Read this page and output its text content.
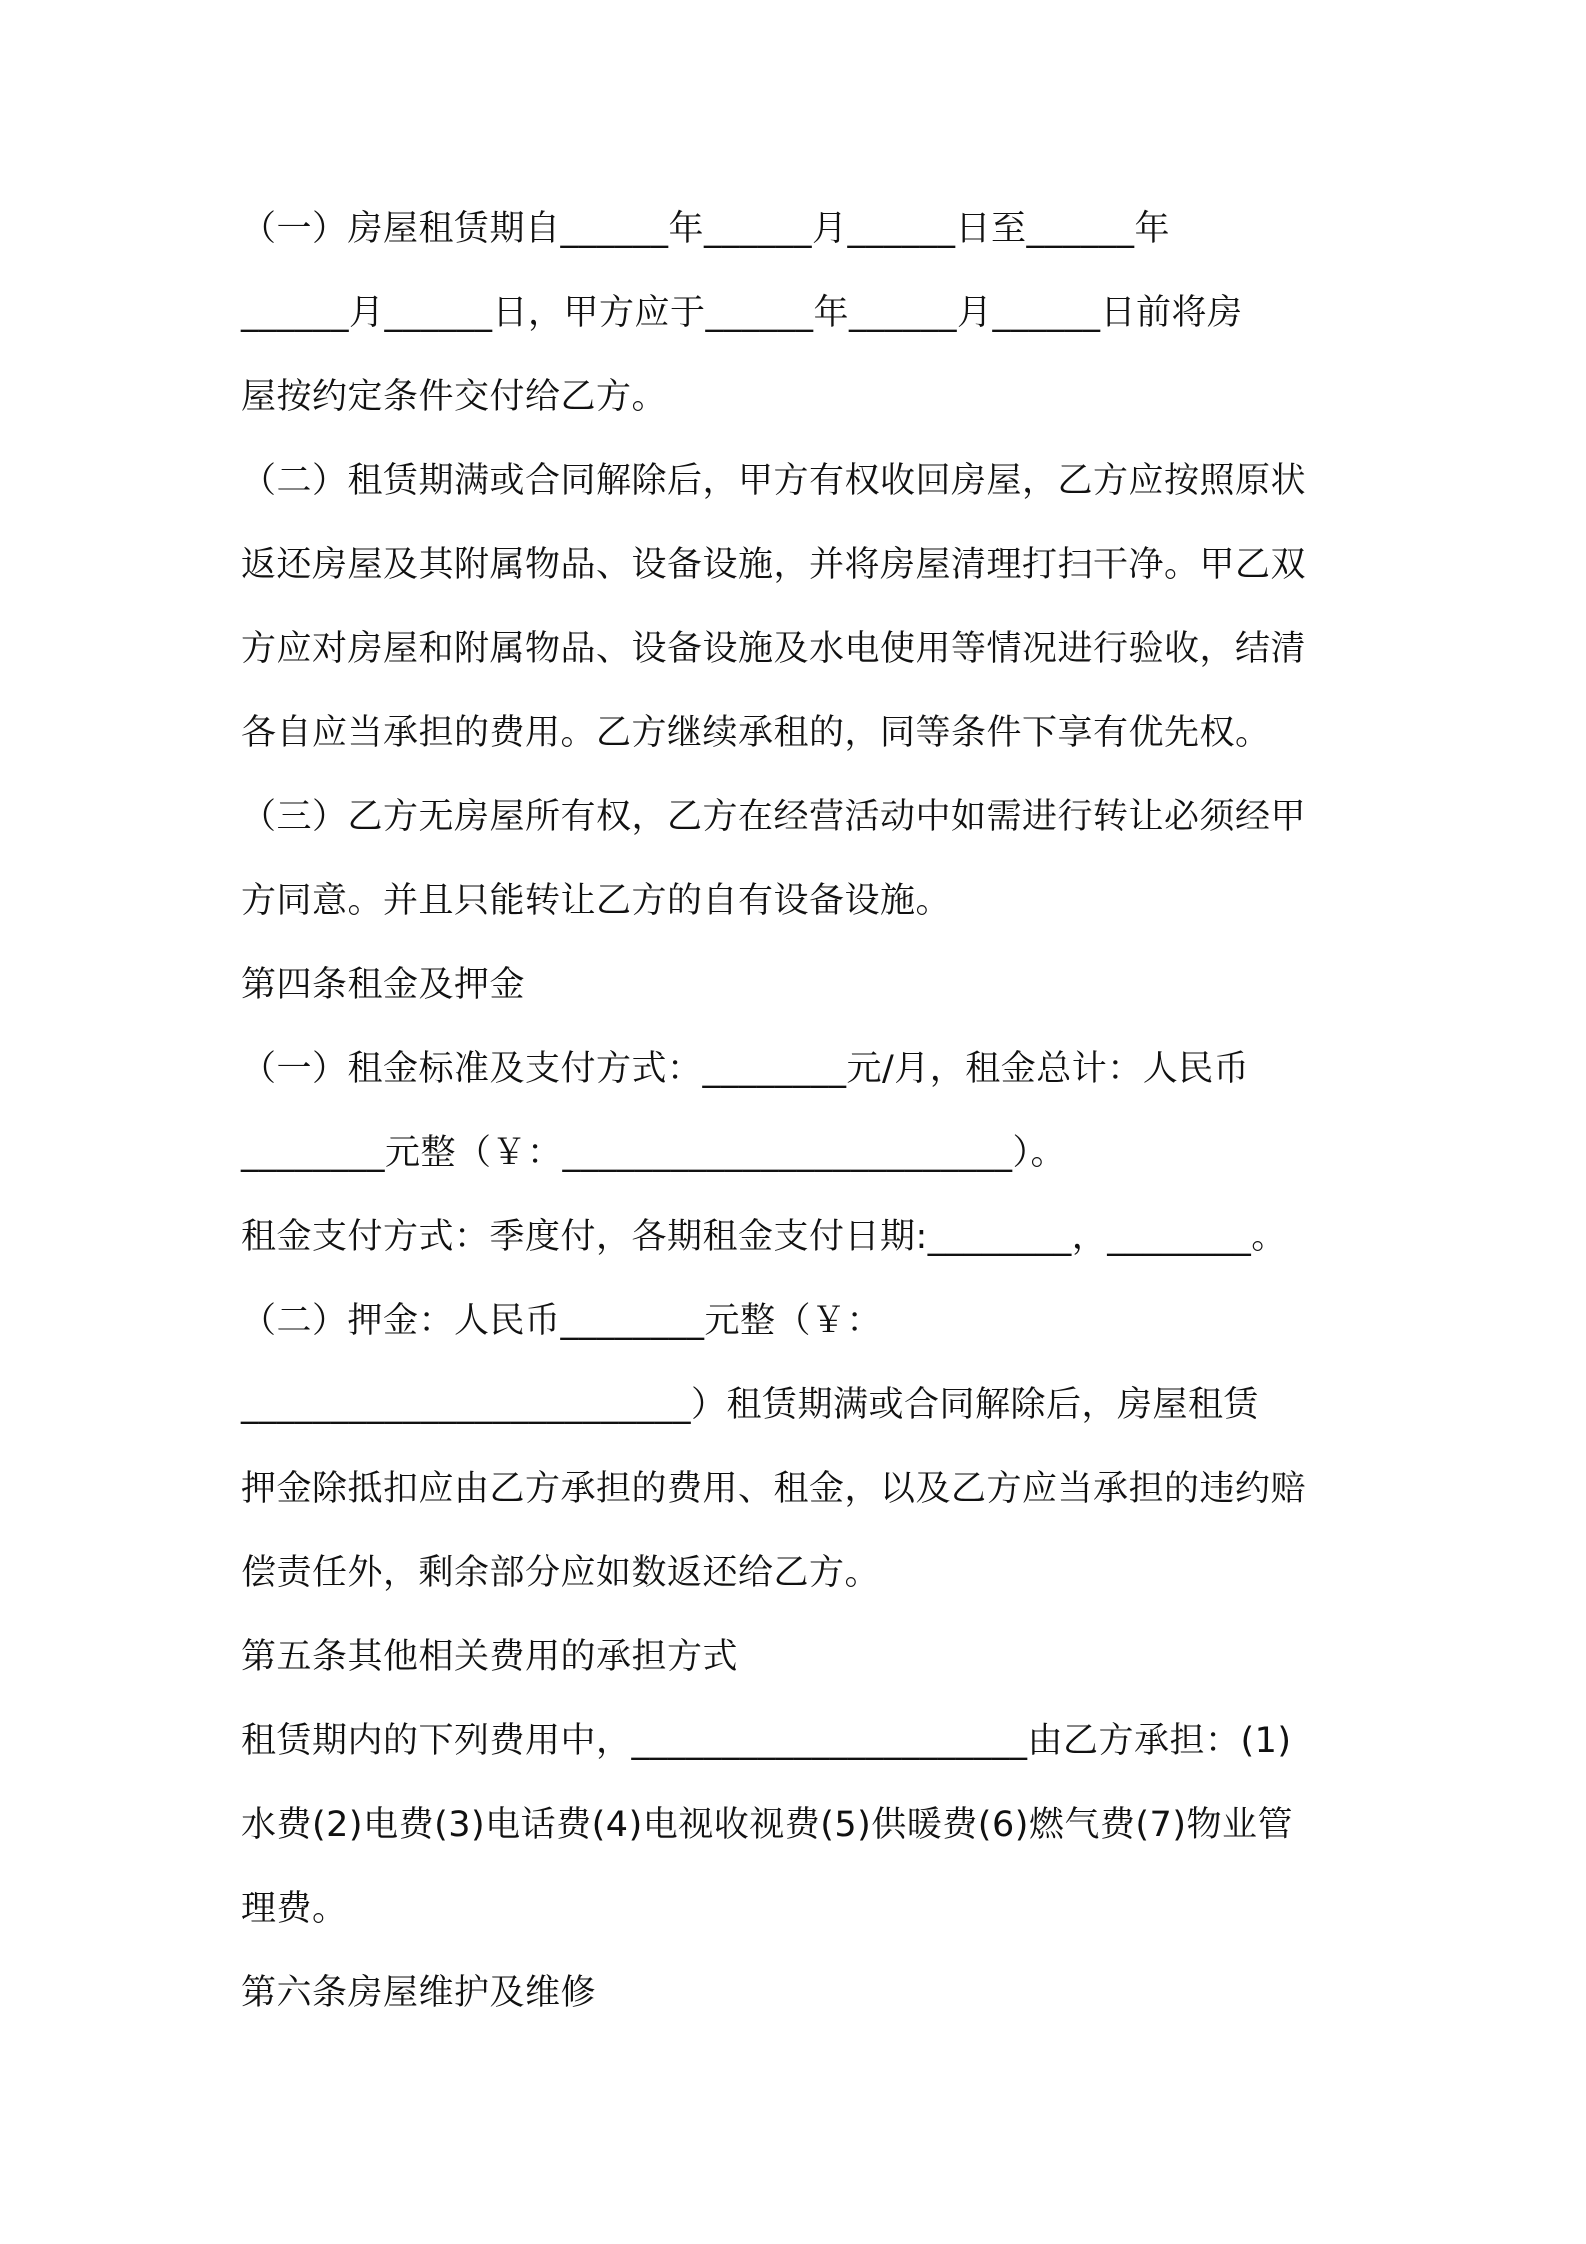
（一）房屋租赁期自______年______月______日至______年
______月______日，甲方应于______年______月______日前将房
屋按约定条件交付给乙方。
（二）租赁期满或合同解除后，甲方有权收回房屋，乙方应按照原状
返还房屋及其附属物品、设备设施，并将房屋清理打扫干净。甲乙双
方应对房屋和附属物品、设备设施及水电使用等情况进行验收，结清
各自应当承担的费用。乙方继续承租的，同等条件下享有优先权。
（三）乙方无房屋所有权，乙方在经营活动中如需进行转让必须经甲
方同意。并且只能转让乙方的自有设备设施。
第四条租金及押金
（一）租金标准及支付方式：________元/月，租金总计：人民币
________元整（￥：_________________________）。
租金支付方式：季度付，各期租金支付日期:________，________。
（二）押金：人民币________元整（￥：
_________________________）租赁期满或合同解除后，房屋租赁
押金除抵扣应由乙方承担的费用、租金，以及乙方应当承担的违约赔
偿责任外，剩余部分应如数返还给乙方。
第五条其他相关费用的承担方式
租赁期内的下列费用中，______________________由乙方承担：(1)
水费(2)电费(3)电话费(4)电视收视费(5)供暖费(6)燃气费(7)物业管
理费。
第六条房屋维护及维修
